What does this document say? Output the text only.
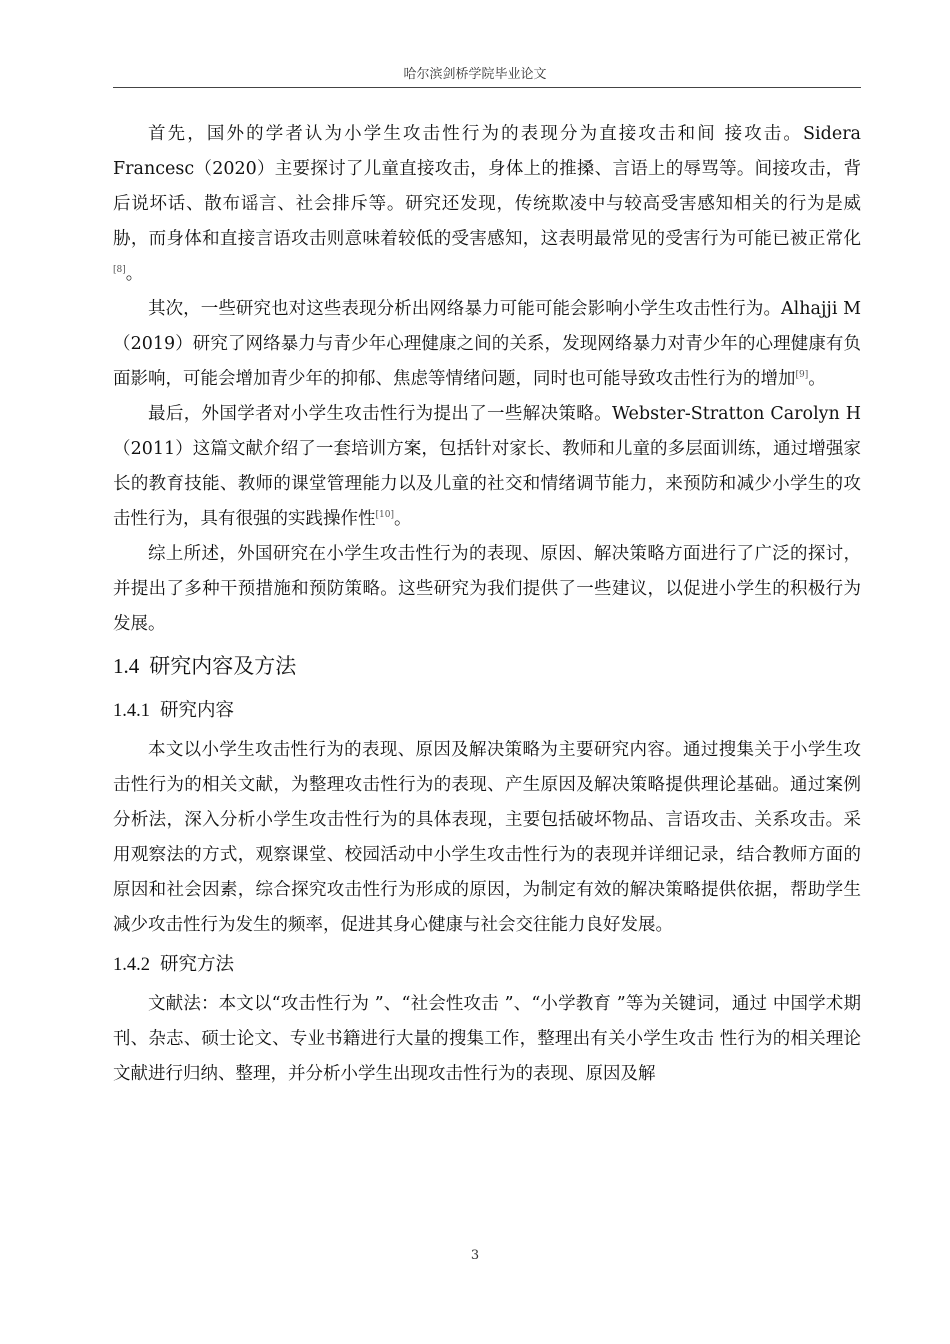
哈尔滨剑桥学院毕业论文

首先，国外的学者认为小学生攻击性行为的表现分为直接攻击和间 接攻击。Sidera Francesc（2020）主要探讨了儿童直接攻击，身体上的推搡、言语上的辱骂等。间接攻击，背后说坏话、散布谣言、社会排斥等。研究还发现，传统欺凌中与较高受害感知相关的行为是威胁，而身体和直接言语攻击则意味着较低的受害感知，这表明最常见的受害行为可能已被正常化[8]。

其次，一些研究也对这些表现分析出网络暴力可能可能会影响小学生攻击性行为。Alhajji M（2019）研究了网络暴力与青少年心理健康之间的关系，发现网络暴力对青少年的心理健康有负面影响，可能会增加青少年的抑郁、焦虑等情绪问题，同时也可能导致攻击性行为的增加[9]。

最后，外国学者对小学生攻击性行为提出了一些解决策略。Webster-Stratton Carolyn H（2011）这篇文献介绍了一套培训方案，包括针对家长、教师和儿童的多层面训练，通过增强家长的教育技能、教师的课堂管理能力以及儿童的社交和情绪调节能力，来预防和减少小学生的攻击性行为，具有很强的实践操作性[10]。

综上所述，外国研究在小学生攻击性行为的表现、原因、解决策略方面进行了广泛的探讨，并提出了多种干预措施和预防策略。这些研究为我们提供了一些建议，以促进小学生的积极行为发展。

1.4 研究内容及方法
1.4.1 研究内容

本文以小学生攻击性行为的表现、原因及解决策略为主要研究内容。通过搜集关于小学生攻击性行为的相关文献，为整理攻击性行为的表现、产生原因及解决策略提供理论基础。通过案例分析法，深入分析小学生攻击性行为的具体表现，主要包括破坏物品、言语攻击、关系攻击。采用观察法的方式，观察课堂、校园活动中小学生攻击性行为的表现并详细记录，结合教师方面的原因和社会因素，综合探究攻击性行为形成的原因，为制定有效的解决策略提供依据，帮助学生减少攻击性行为发生的频率，促进其身心健康与社会交往能力良好发展。

1.4.2 研究方法

文献法：本文以“攻击性行为 ”、“社会性攻击 ”、“小学教育 ”等为关键词，通过 中国学术期刊、杂志、硕士论文、专业书籍进行大量的搜集工作，整理出有关小学生攻击 性行为的相关理论文献进行归纳、整理，并分析小学生出现攻击性行为的表现、原因及解

3
